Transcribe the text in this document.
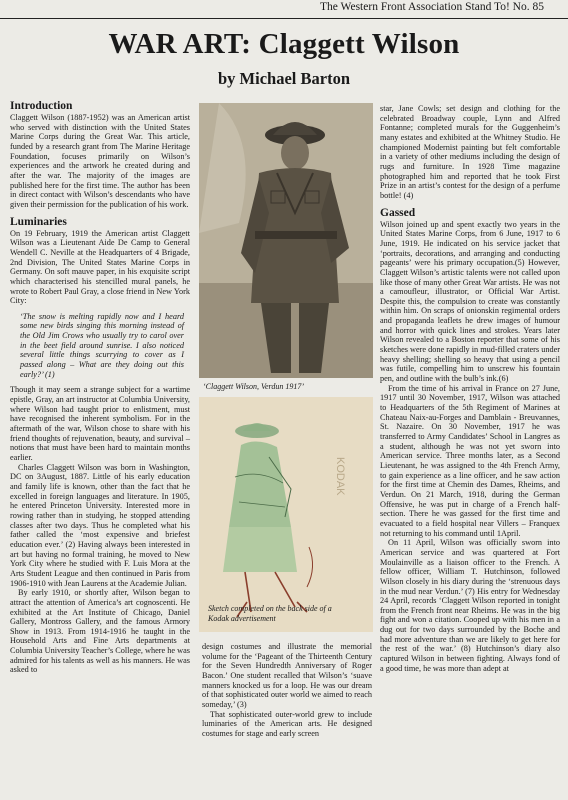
The Western Front Association Stand To! No. 85
WAR ART: Claggett Wilson
by Michael Barton
Introduction

Claggett Wilson (1887-1952) was an American artist who served with distinction with the United States Marine Corps during the Great War. This article, funded by a research grant from The Marine Heritage Foundation, focuses primarily on Wilson’s experiences and the artwork he created during and after the war. The majority of the images are published here for the first time. The author has been in direct contact with Wilson’s descendants who have given their permission for the publication of his work.

Luminaries

On 19 February, 1919 the American artist Claggett Wilson was a Lieutenant Aide De Camp to General Wendell C. Neville at the Headquarters of 4 Brigade, 2nd Division, The United States Marine Corps in Germany. On soft mauve paper, in his exquisite script which characterised his stencilled mural panels, he wrote to Robert Paul Gray, a close friend in New York City:

‘The snow is melting rapidly now and I heard some new birds singing this morning instead of the Old Jim Crows who usually try to carol over in the beet field around sunrise. I also noticed several little things scurrying to cover as I passed along – What are they doing out this early?’ (1)

Though it may seem a strange subject for a wartime epistle, Gray, an art instructor at Columbia University, where Wilson had taught prior to enlistment, must have recognised the inherent symbolism. For in the aftermath of the war, Wilson chose to share with his friend thoughts of rejuvenation, beauty, and survival – notions that must have been hard to maintain months earlier.

Charles Claggett Wilson was born in Washington, DC on 3August, 1887. Little of his early education and family life is known, other than the fact that he excelled in foreign languages and literature. In 1905, he entered Princeton University. Interested more in rowing rather than in studying, he stopped attending classes after two days. Thus he completed what his father called the ‘most expensive and briefest education ever.’ (2) Having always been interested in art but having no formal training, he moved to New York City where he studied with F. Luis Mora at the Arts Student League and then continued in Paris from 1906-1910 with Jean Laurens at the Academie Julian.

By early 1910, or shortly after, Wilson began to attract the attention of America’s art cognoscenti. He exhibited at the Art Institute of Chicago, Daniel Gallery, Montross Gallery, and the famous Armory Show in 1913. From 1914-1916 he taught in the Household Arts and Fine Arts departments at Columbia University Teacher’s College, where he was admired for his talents as well as his manners. He was asked to

‘Claggett Wilson, Verdun 1917’
KODAK
Sketch completed on the back side of a Kodak advertisement

design costumes and illustrate the memorial volume for the ‘Pageant of the Thirteenth Century for the Seven Hundredth Anniversary of Roger Bacon.’ One student recalled that Wilson’s ‘suave manners knocked us for a loop. He was our dream of that sophisticated outer world we aimed to reach someday,’ (3)

That sophisticated outer-world grew to include luminaries of the American arts. He designed costumes for stage and early screen

star, Jane Cowls; set design and clothing for the celebrated Broadway couple, Lynn and Alfred Fontanne; completed murals for the Guggenheim’s many estates and exhibited at the Whitney Studio. He championed Modernist painting but felt comfortable in a variety of other mediums including the design of rugs and furniture. In 1928 Time magazine photographed him and reported that he took First Prize in an artist’s contest for the design of a perfume bottle! (4)

Gassed

Wilson joined up and spent exactly two years in the United States Marine Corps, from 6 June, 1917 to 6 June, 1919. He indicated on his service jacket that ‘portraits, decorations, and arranging and conducting pageants’ were his primary occupation.(5) However, Claggett Wilson’s artistic talents were not called upon like those of many other Great War artists. He was not a camoufleur, illustrator, or Official War Artist. Despite this, the compulsion to create was constantly within him. On scraps of onionskin regimental orders and propaganda leaflets he drew images of humour and horror with quick lines and strokes. Years later Wilson revealed to a Boston reporter that some of his sketches were done rapidly in mud-filled craters under heavy shelling; shelling so heavy that using a pencil was futile, compelling him to unscrew his fountain pen, and outline with the bulb’s ink.(6)

From the time of his arrival in France on 27 June, 1917 until 30 November, 1917, Wilson was attached to Headquarters of the 5th Regiment of Marines at Chateau Naix-au-Forges and Damblain - Breuvannes, St. Nazaire. On 30 November, 1917 he was transferred to Army Candidates’ School in Langres as a student, although he was not yet sworn into American service. Three months later, as a Second Lieutenant, he was assigned to the 4th French Army, to gain experience as a line officer, and he saw action for the first time at Chemin des Dames, Rheims, and Verdun. On 21 March, 1918, during the German Offensive, he was put in charge of a French half-section. There he was gassed for the first time and evacuated to a field hospital near Villers – Franquex not returning to his command until 1April.

On 11 April, Wilson was officially sworn into American service and was quartered at Fort Moulainville as a liaison officer to the French. A fellow officer, William T. Hutchinson, followed Wilson closely in his diary during the ‘strenuous days in the mud near Verdun.’ (7) His entry for Wednesday 24 April, records ‘Claggett Wilson reported in tonight from the French front near Rheims. He was in the big fight and won a citation. Cooped up with his men in a dug out for two days surrounded by the Boche and had more adventure than we are likely to get here for the rest of the war.’ (8) Hutchinson’s diary also captured Wilson in between fighting. Always fond of a good time, he was more than adept at
